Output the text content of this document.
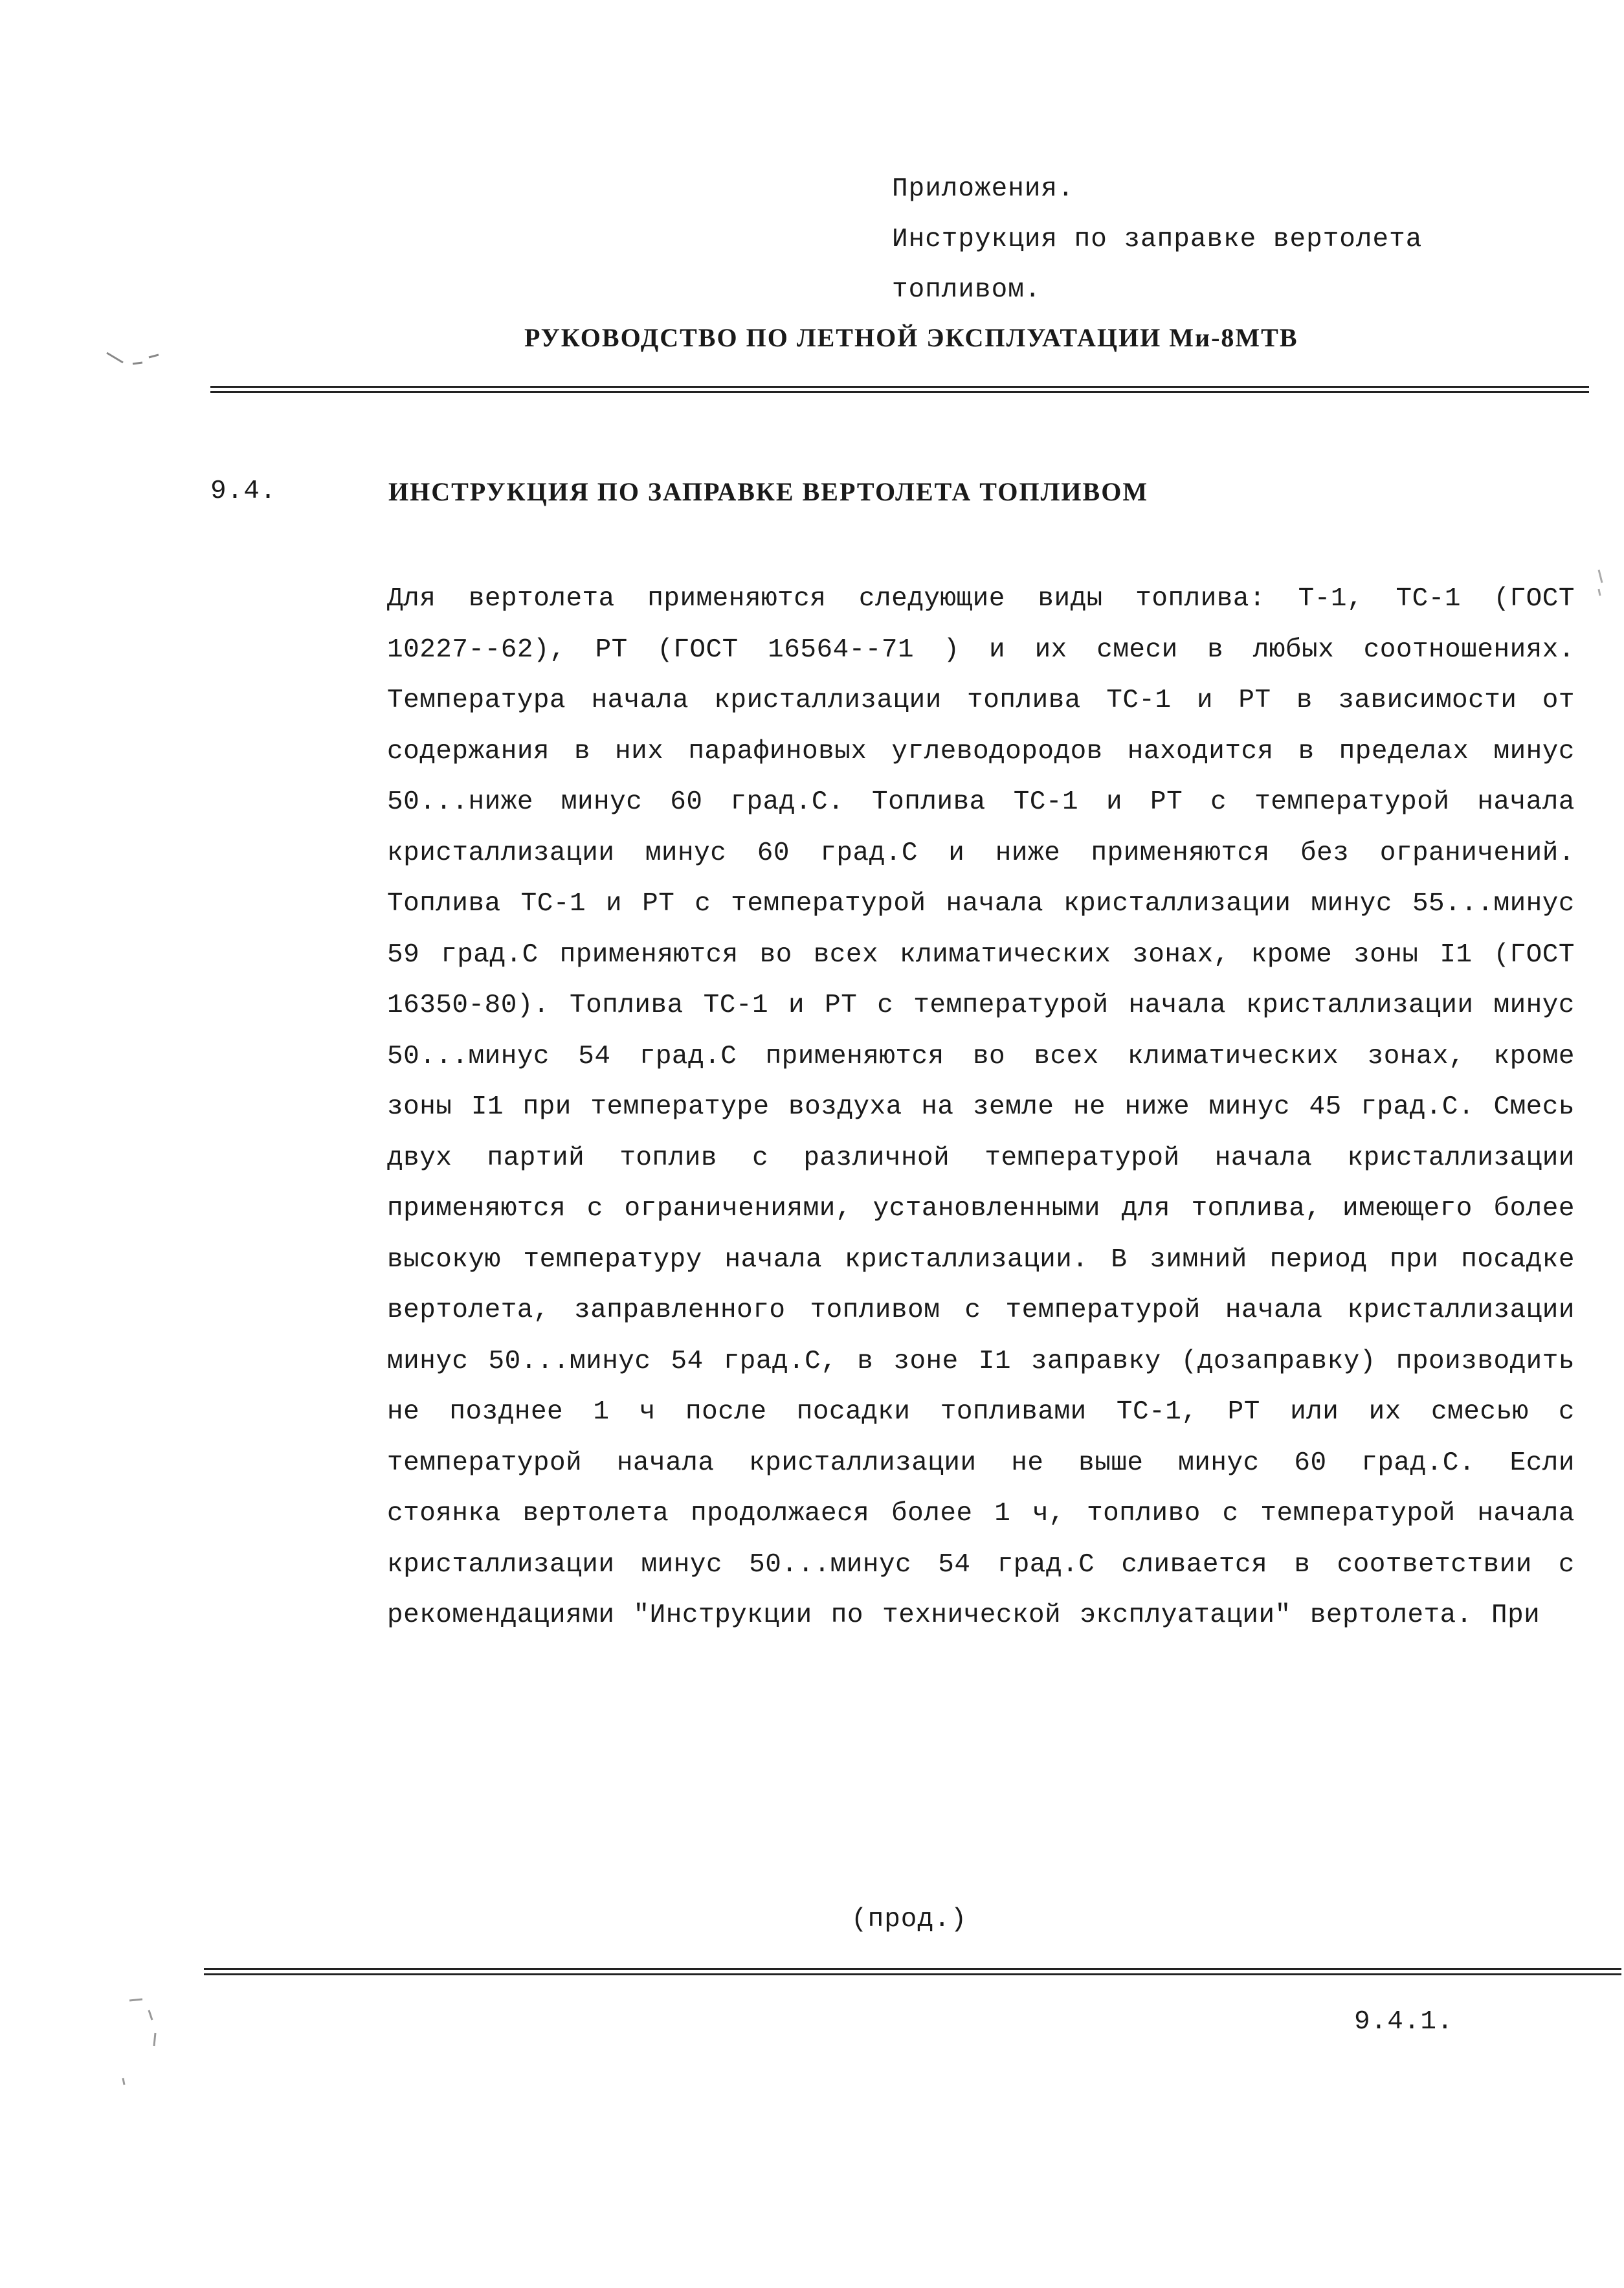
Приложения.
Инструкция по заправке вертолета
топливом.
РУКОВОДСТВО ПО ЛЕТНОЙ ЭКСПЛУАТАЦИИ Ми-8МТВ
9.4.	ИНСТРУКЦИЯ ПО ЗАПРАВКЕ ВЕРТОЛЕТА ТОПЛИВОМ
Для вертолета применяются следующие виды топлива: Т-1, ТС-1 (ГОСТ 10227--62), РТ (ГОСТ 16564--71 ) и их смеси в любых соотношениях. Температура начала кристаллизации топлива ТС-1 и РТ в зависимости от содержания в них парафиновых углеводородов находится в пределах минус 50...ниже минус 60 град.С. Топлива ТС-1 и РТ с температурой начала кристаллизации минус 60 град.С и ниже применяются без ограничений. Топлива ТС-1 и РТ с температурой начала кристаллизации минус 55...минус 59 град.С применяются во всех климатических зонах, кроме зоны I1 (ГОСТ 16350-80). Топлива ТС-1 и РТ с температурой начала кристаллизации минус 50...минус 54 град.С применяются во всех климатических зонах, кроме зоны I1 при температуре воздуха на земле не ниже минус 45 град.С. Смесь двух партий топлив с различной температурой начала кристаллизации применяются с ограничениями, установленными для топлива, имеющего более высокую температуру начала кристаллизации. В зимний период при посадке вертолета, заправленного топливом с температурой начала кристаллизации минус 50...минус 54 град.С, в зоне I1 заправку (дозаправку) производить не позднее 1 ч после посадки топливами ТС-1, РТ или их смесью с температурой начала кристаллизации не выше минус 60 град.С. Если стоянка вертолета продолжаеся более 1 ч, топливо с температурой начала кристаллизации минус 50...минус 54 град.С сливается в соответствии с рекомендациями "Инструкции по технической эксплуатации" вертолета. При
(прод.)
9.4.1.
